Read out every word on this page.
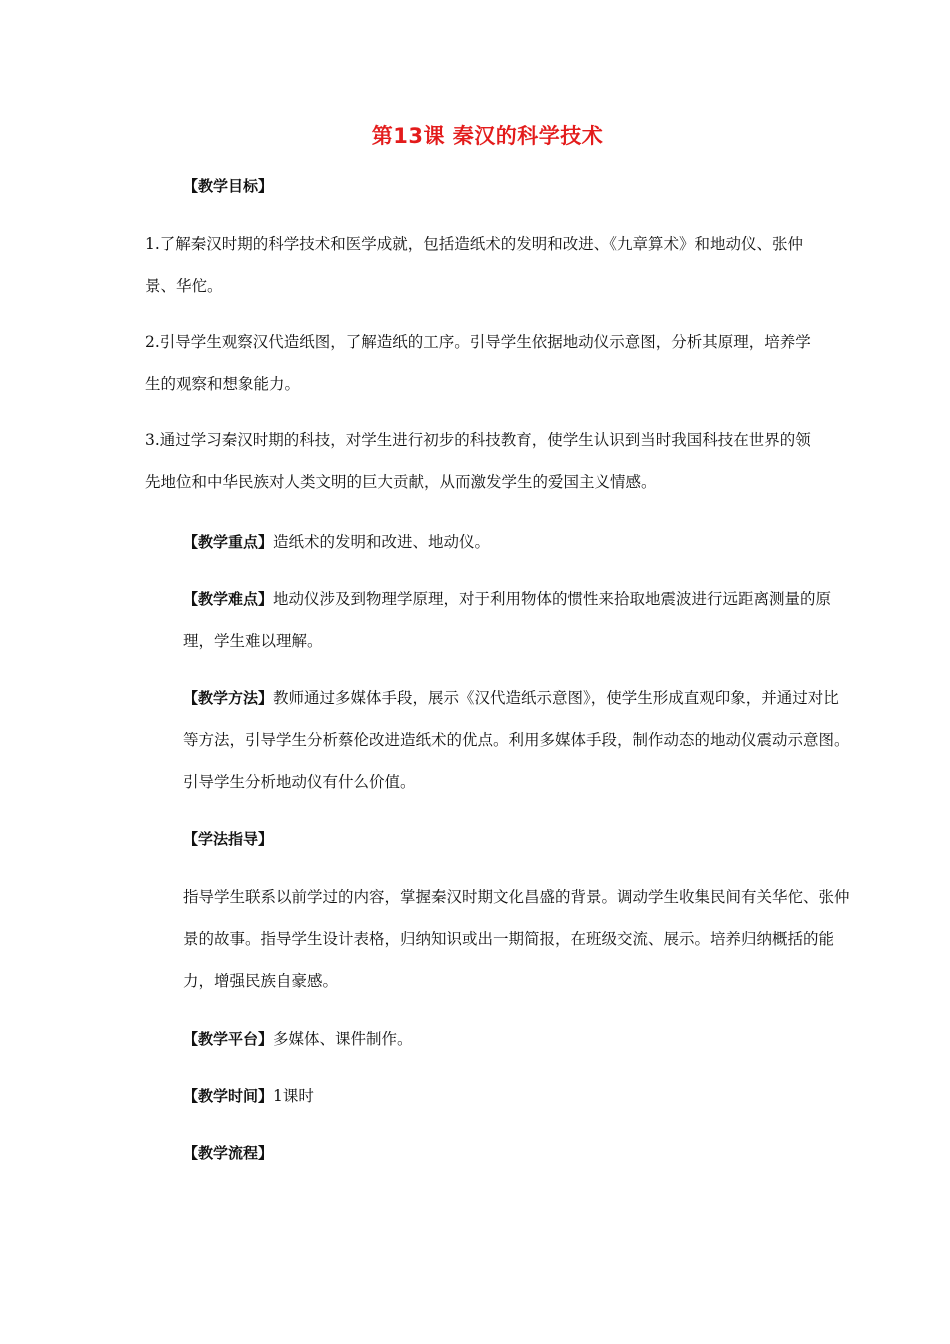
第13课 秦汉的科学技术
【教学目标】
1.了解秦汉时期的科学技术和医学成就，包括造纸术的发明和改进、《九章算术》和地动仪、张仲景、华佗。
2.引导学生观察汉代造纸图，了解造纸的工序。引导学生依据地动仪示意图，分析其原理，培养学生的观察和想象能力。
3.通过学习秦汉时期的科技，对学生进行初步的科技教育，使学生认识到当时我国科技在世界的领先地位和中华民族对人类文明的巨大贡献，从而激发学生的爱国主义情感。
【教学重点】造纸术的发明和改进、地动仪。
【教学难点】地动仪涉及到物理学原理，对于利用物体的惯性来拾取地震波进行远距离测量的原理，学生难以理解。
【教学方法】教师通过多媒体手段，展示《汉代造纸示意图》，使学生形成直观印象，并通过对比等方法，引导学生分析蔡伦改进造纸术的优点。利用多媒体手段，制作动态的地动仪震动示意图。引导学生分析地动仪有什么价值。
【学法指导】
指导学生联系以前学过的内容，掌握秦汉时期文化昌盛的背景。调动学生收集民间有关华佗、张仲景的故事。指导学生设计表格，归纳知识或出一期简报，在班级交流、展示。培养归纳概括的能力，增强民族自豪感。
【教学平台】多媒体、课件制作。
【教学时间】1课时
【教学流程】
